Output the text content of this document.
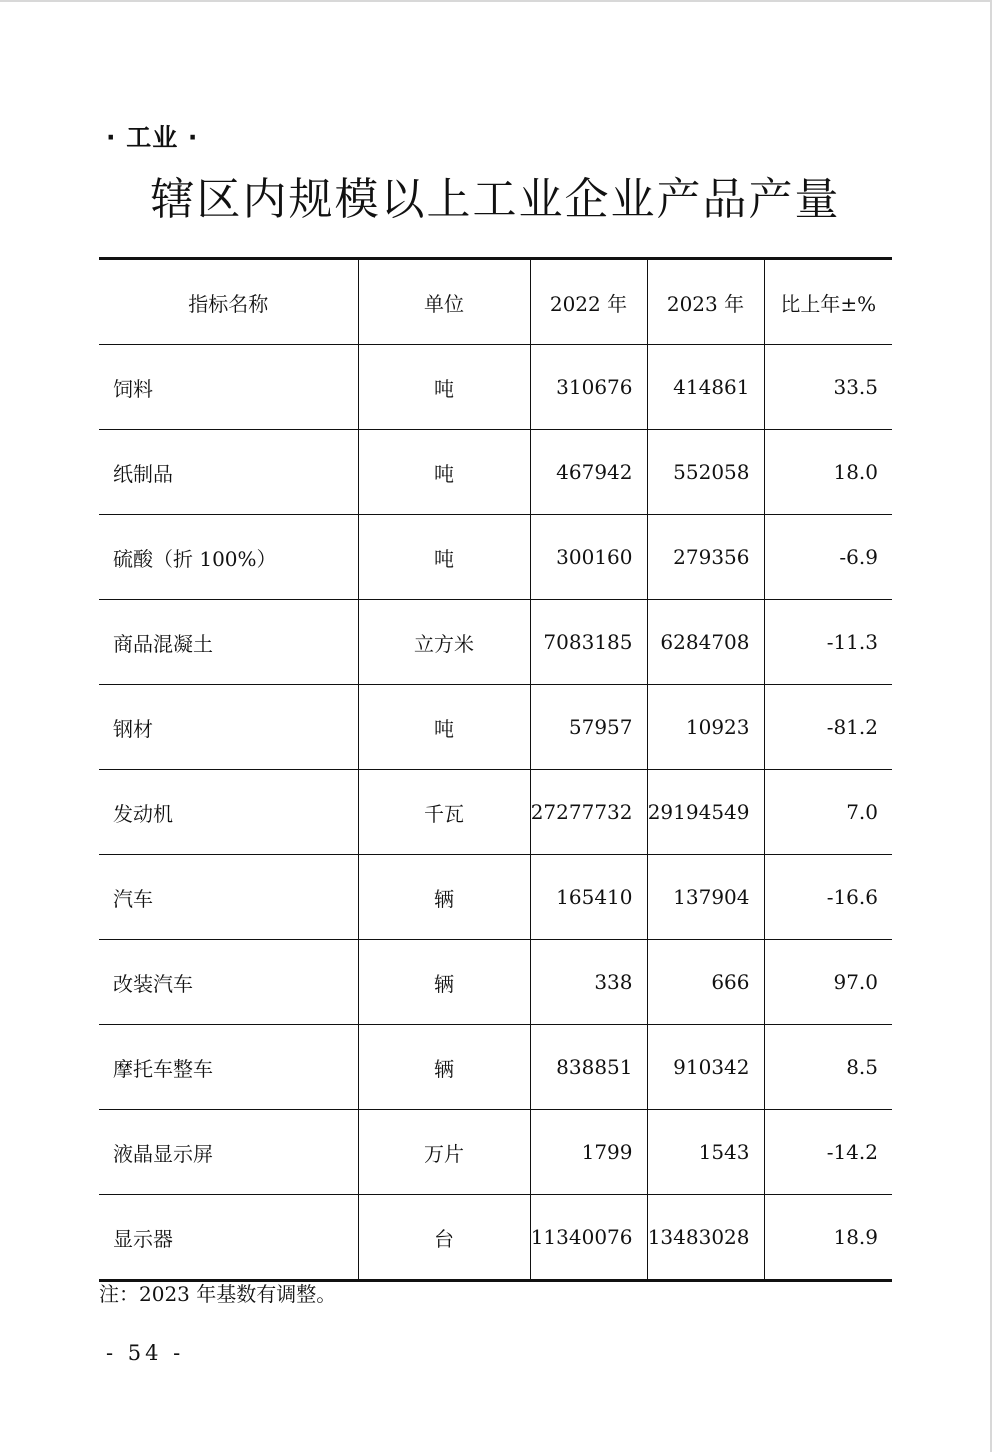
· 工业 ·
辖区内规模以上工业企业产品产量
指标名称	单位	2022 年	2023 年	比上年±%
饲料	吨	310676	414861	33.5
纸制品	吨	467942	552058	18.0
硫酸（折 100%）	吨	300160	279356	-6.9
商品混凝土	立方米	7083185	6284708	-11.3
钢材	吨	57957	10923	-81.2
发动机	千瓦	27277732	29194549	7.0
汽车	辆	165410	137904	-16.6
改装汽车	辆	338	666	97.0
摩托车整车	辆	838851	910342	8.5
液晶显示屏	万片	1799	1543	-14.2
显示器	台	11340076	13483028	18.9
注：2023 年基数有调整。
- 54 -
